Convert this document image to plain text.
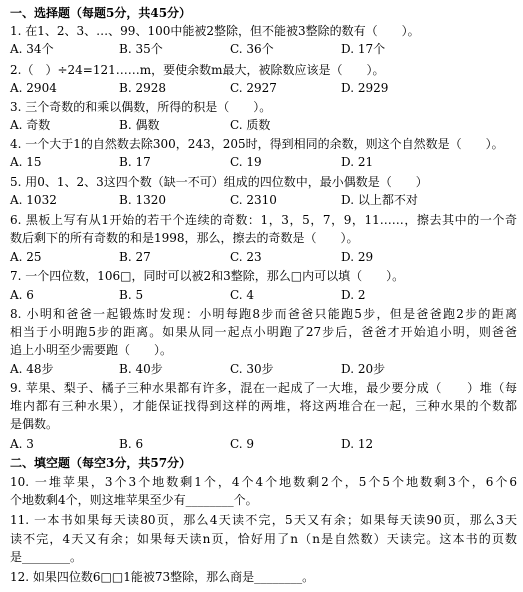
一、选择题（每题5分，共45分）
1. 在1、2、3、…、99、100中能被2整除，但不能被3整除的数有（　　）。
A. 34个	B. 35个	C. 36个	D. 17个
2.（　）÷24=121……m，要使余数m最大，被除数应该是（　　）。
A. 2904	B. 2928	C. 2927	D. 2929
3. 三个奇数的和乘以偶数，所得的积是（　　）。
A. 奇数	B. 偶数	C. 质数
4. 一个大于1的自然数去除300，243，205时，得到相同的余数，则这个自然数是（　　）。
A. 15	B. 17	C. 19	D. 21
5. 用0、1、2、3这四个数（缺一不可）组成的四位数中，最小偶数是（　　）
A. 1032	B. 1320	C. 2310	D. 以上都不对
6. 黑板上写有从1开始的若干个连续的奇数：1，3，5，7，9，11……，擦去其中的一个奇
数后剩下的所有奇数的和是1998，那么，擦去的奇数是（　　）。
A. 25	B. 27	C. 23	D. 29
7. 一个四位数，106□，同时可以被2和3整除，那么□内可以填（　　）。
A. 6	B. 5	C. 4	D. 2
8. 小明和爸爸一起锻炼时发现：小明每跑8步而爸爸只能跑5步，但是爸爸跑2步的距离
相当于小明跑5步的距离。如果从同一起点小明跑了27步后，爸爸才开始追小明，则爸爸
追上小明至少需要跑（　　）。
A. 48步	B. 40步	C. 30步	D. 20步
9. 苹果、梨子、橘子三种水果都有许多，混在一起成了一大堆，最少要分成（　　）堆（每
堆内都有三种水果），才能保证找得到这样的两堆，将这两堆合在一起，三种水果的个数都
是偶数。
A. 3	B. 6	C. 9	D. 12
二、填空题（每空3分，共57分）
10. 一堆苹果，3个3个地数剩1个，4个4个地数剩2个，5个5个地数剩3个，6个6
个地数剩4个，则这堆苹果至少有________个。
11. 一本书如果每天读80页，那么4天读不完，5天又有余；如果每天读90页，那么3天
读不完，4天又有余；如果每天读n页，恰好用了n（n是自然数）天读完。这本书的页数
是________。
12. 如果四位数6□□1能被73整除，那么商是________。
